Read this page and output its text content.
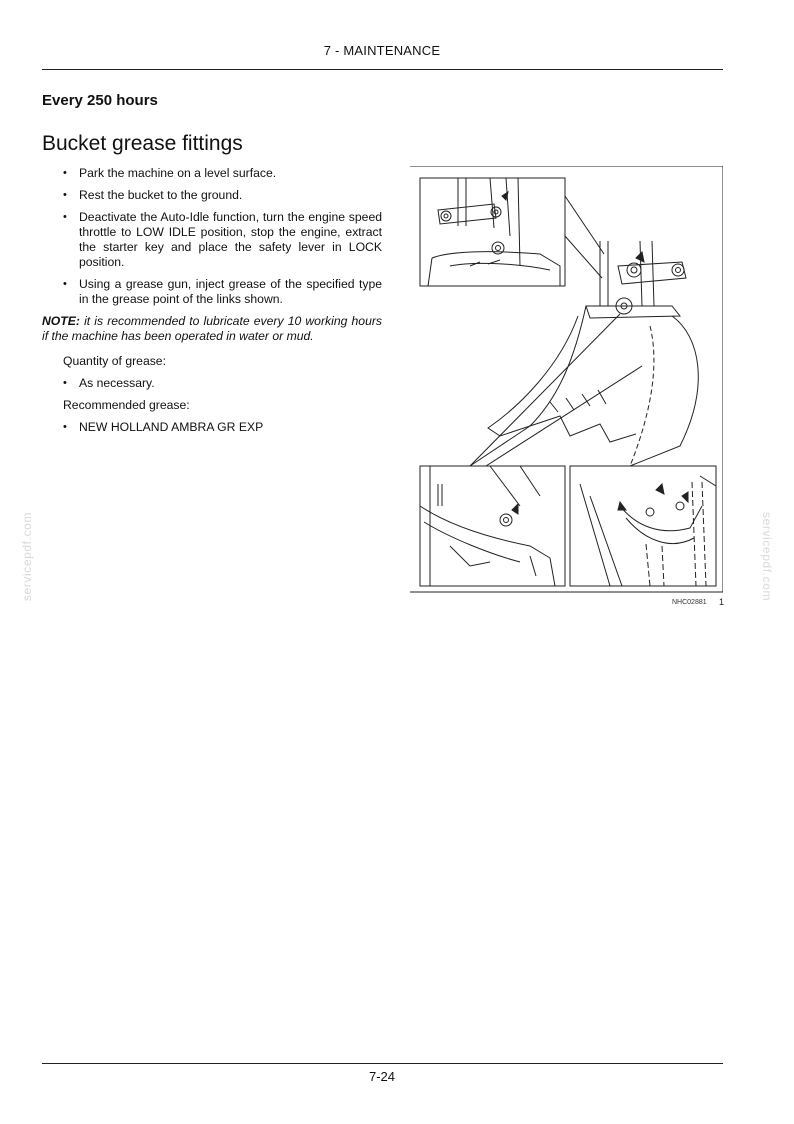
7 - MAINTENANCE
Every 250 hours
Bucket grease fittings
• Park the machine on a level surface.
• Rest the bucket to the ground.
• Deactivate the Auto-Idle function, turn the engine speed throttle to LOW IDLE position, stop the engine, extract the starter key and place the safety lever in LOCK position.
• Using a grease gun, inject grease of the specified type in the grease point of the links shown.

NOTE: it is recommended to lubricate every 10 working hours if the machine has been operated in water or mud.

Quantity of grease:

• As necessary.

Recommended grease:

• NEW HOLLAND AMBRA GR EXP
NHC02881 1
servicepdf.com	servicepdf.com
7-24
